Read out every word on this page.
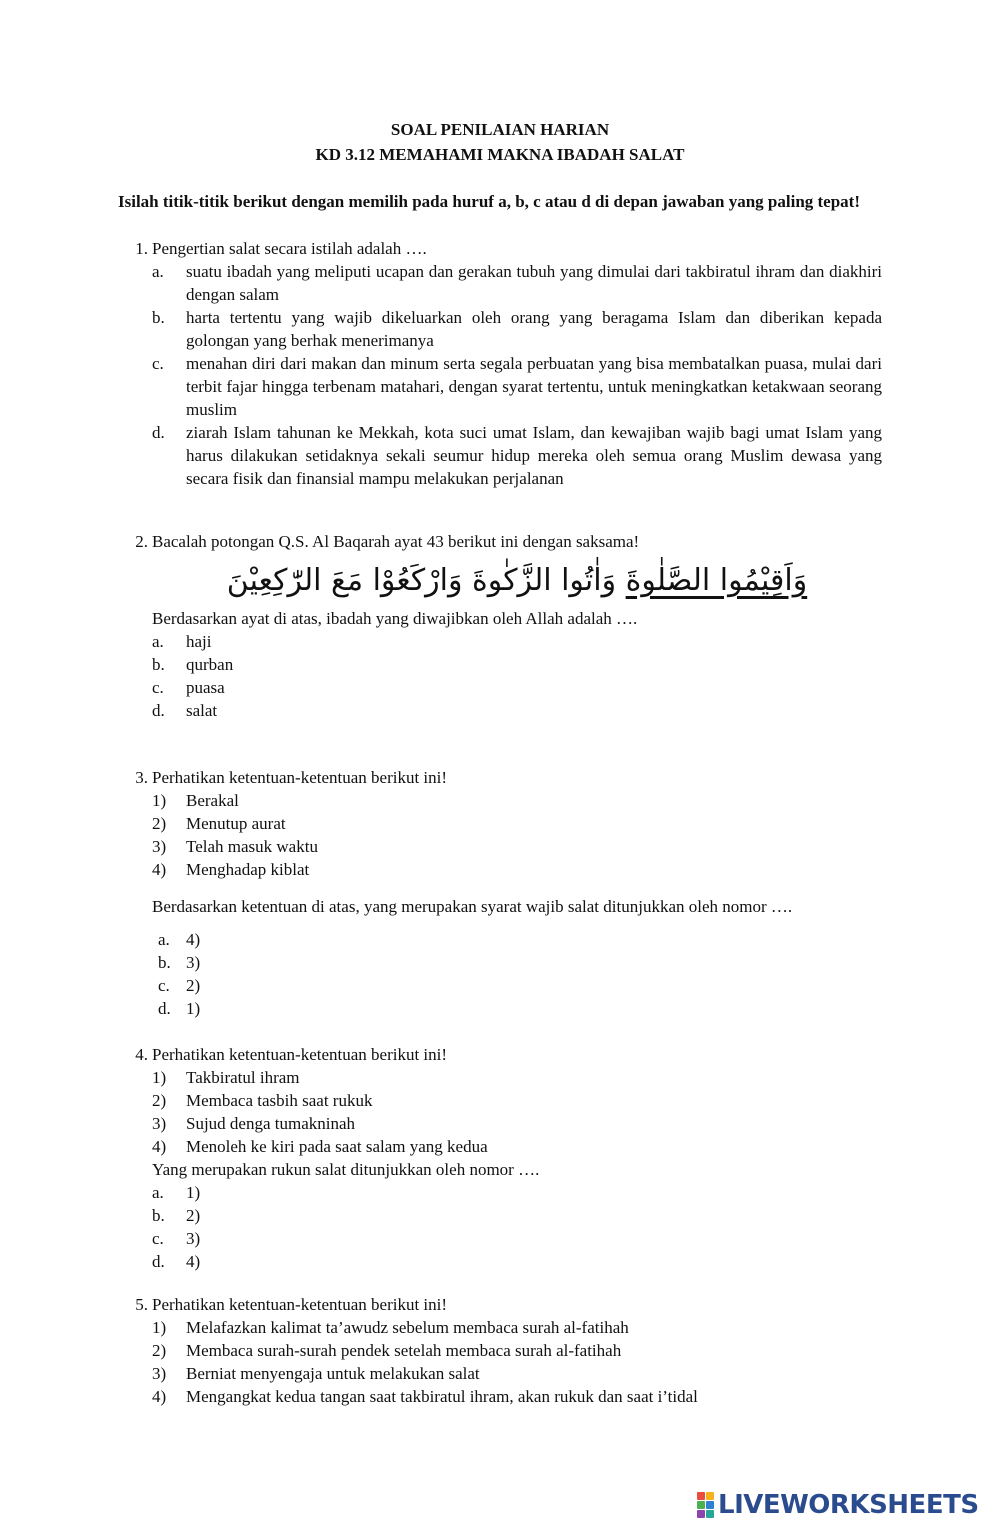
SOAL PENILAIAN HARIAN
KD 3.12 MEMAHAMI MAKNA IBADAH SALAT
Isilah titik-titik berikut dengan memilih pada huruf a, b, c atau d di depan jawaban yang paling tepat!
1. Pengertian salat secara istilah adalah ….
a. suatu ibadah yang meliputi ucapan dan gerakan tubuh yang dimulai dari takbiratul ihram dan diakhiri dengan salam
b. harta tertentu yang wajib dikeluarkan oleh orang yang beragama Islam dan diberikan kepada golongan yang berhak menerimanya
c. menahan diri dari makan dan minum serta segala perbuatan yang bisa membatalkan puasa, mulai dari terbit fajar hingga terbenam matahari, dengan syarat tertentu, untuk meningkatkan ketakwaan seorang muslim
d. ziarah Islam tahunan ke Mekkah, kota suci umat Islam, dan kewajiban wajib bagi umat Islam yang harus dilakukan setidaknya sekali seumur hidup mereka oleh semua orang Muslim dewasa yang secara fisik dan finansial mampu melakukan perjalanan
2. Bacalah potongan Q.S. Al Baqarah ayat 43 berikut ini dengan saksama!
وَاَقِيْمُوا الصَّلٰوةَ وَاٰتُوا الزَّكٰوةَ وَارْكَعُوْا مَعَ الرّٰكِعِيْنَ
Berdasarkan ayat di atas, ibadah yang diwajibkan oleh Allah adalah ….
a. haji
b. qurban
c. puasa
d. salat
3. Perhatikan ketentuan-ketentuan berikut ini!
1) Berakal
2) Menutup aurat
3) Telah masuk waktu
4) Menghadap kiblat
Berdasarkan ketentuan di atas, yang merupakan syarat wajib salat ditunjukkan oleh nomor ….
a. 4)
b. 3)
c. 2)
d. 1)
4. Perhatikan ketentuan-ketentuan berikut ini!
1) Takbiratul ihram
2) Membaca tasbih saat rukuk
3) Sujud denga tumakninah
4) Menoleh ke kiri pada saat salam yang kedua
Yang merupakan rukun salat ditunjukkan oleh nomor ….
a. 1)
b. 2)
c. 3)
d. 4)
5. Perhatikan ketentuan-ketentuan berikut ini!
1) Melafazkan kalimat ta’awudz sebelum membaca surah al-fatihah
2) Membaca surah-surah pendek setelah membaca surah al-fatihah
3) Berniat menyengaja untuk melakukan salat
4) Mengangkat kedua tangan saat takbiratul ihram, akan rukuk dan saat i’tidal
LIVEWORKSHEETS
